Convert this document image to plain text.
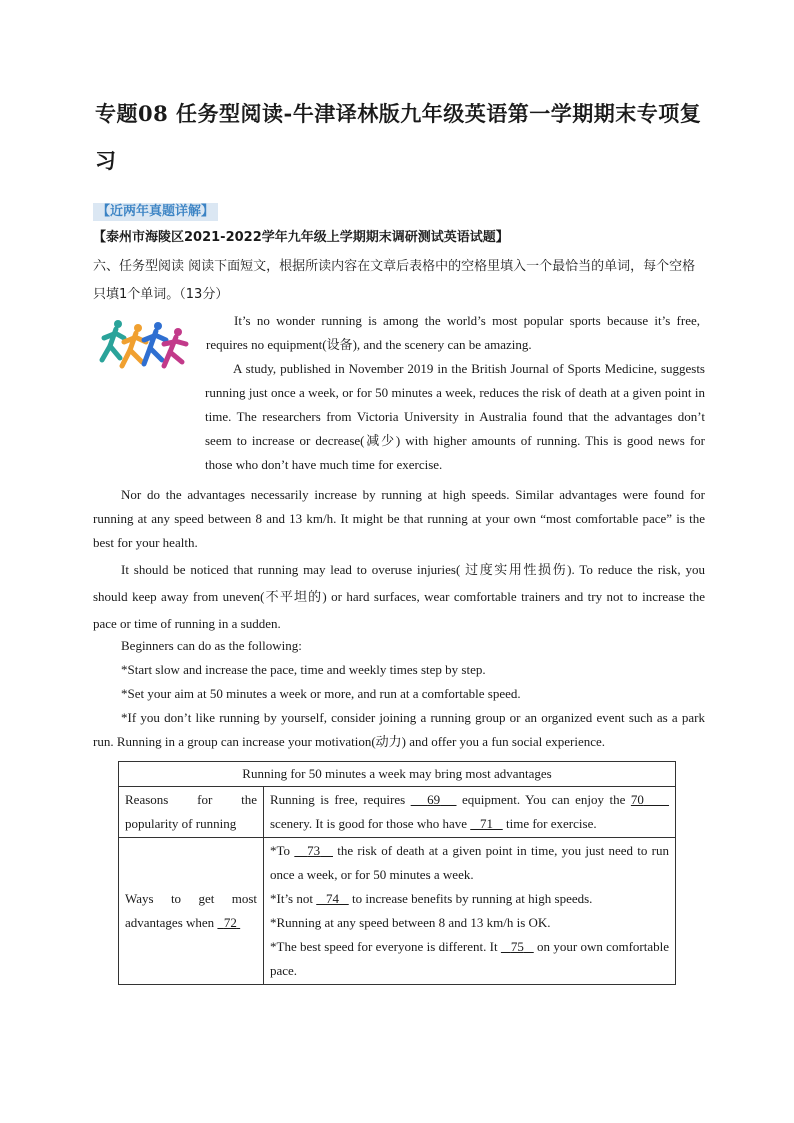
专题08 任务型阅读-牛津译林版九年级英语第一学期期末专项复习
【近两年真题详解】
【泰州市海陵区2021-2022学年九年级上学期期末调研测试英语试题】
六、任务型阅读 阅读下面短文，根据所读内容在文章后表格中的空格里填入一个最恰当的单词，每个空格只填1个单词。（13分）
It’s no wonder running is among the world’s most popular sports because it’s free, requires no equipment(设备), and the scenery can be amazing.
A study, published in November 2019 in the British Journal of Sports Medicine, suggests running just once a week, or for 50 minutes a week, reduces the risk of death at a given point in time. The researchers from Victoria University in Australia found that the advantages don’t seem to increase or decrease(减少) with higher amounts of running. This is good news for those who don’t have much time for exercise.
Nor do the advantages necessarily increase by running at high speeds. Similar advantages were found for running at any speed between 8 and 13 km/h. It might be that running at your own “most comfortable pace” is the best for your health.
It should be noticed that running may lead to overuse injuries( 过度实用性损伤). To reduce the risk, you should keep away from uneven(不平坦的) or hard surfaces, wear comfortable trainers and try not to increase the pace or time of running in a sudden.
Beginners can do as the following:
*Start slow and increase the pace, time and weekly times step by step.
*Set your aim at 50 minutes a week or more, and run at a comfortable speed.
*If you don’t like running by yourself, consider joining a running group or an organized event such as a park run. Running in a group can increase your motivation(动力) and offer you a fun social experience.
Running for 50 minutes a week may bring most advantages	
Reasons for the popularity of running	Running is free, requires    69    equipment. You can enjoy the 70      scenery. It is good for those who have    71    time for exercise.
Ways to get most advantages when   72	*To    73    the risk of death at a given point in time, you just need to run once a week, or for 50 minutes a week.
*It’s not    74    to increase benefits by running at high speeds.
*Running at any speed between 8 and 13 km/h is OK.
*The best speed for everyone is different. It    75    on your own comfortable pace.
